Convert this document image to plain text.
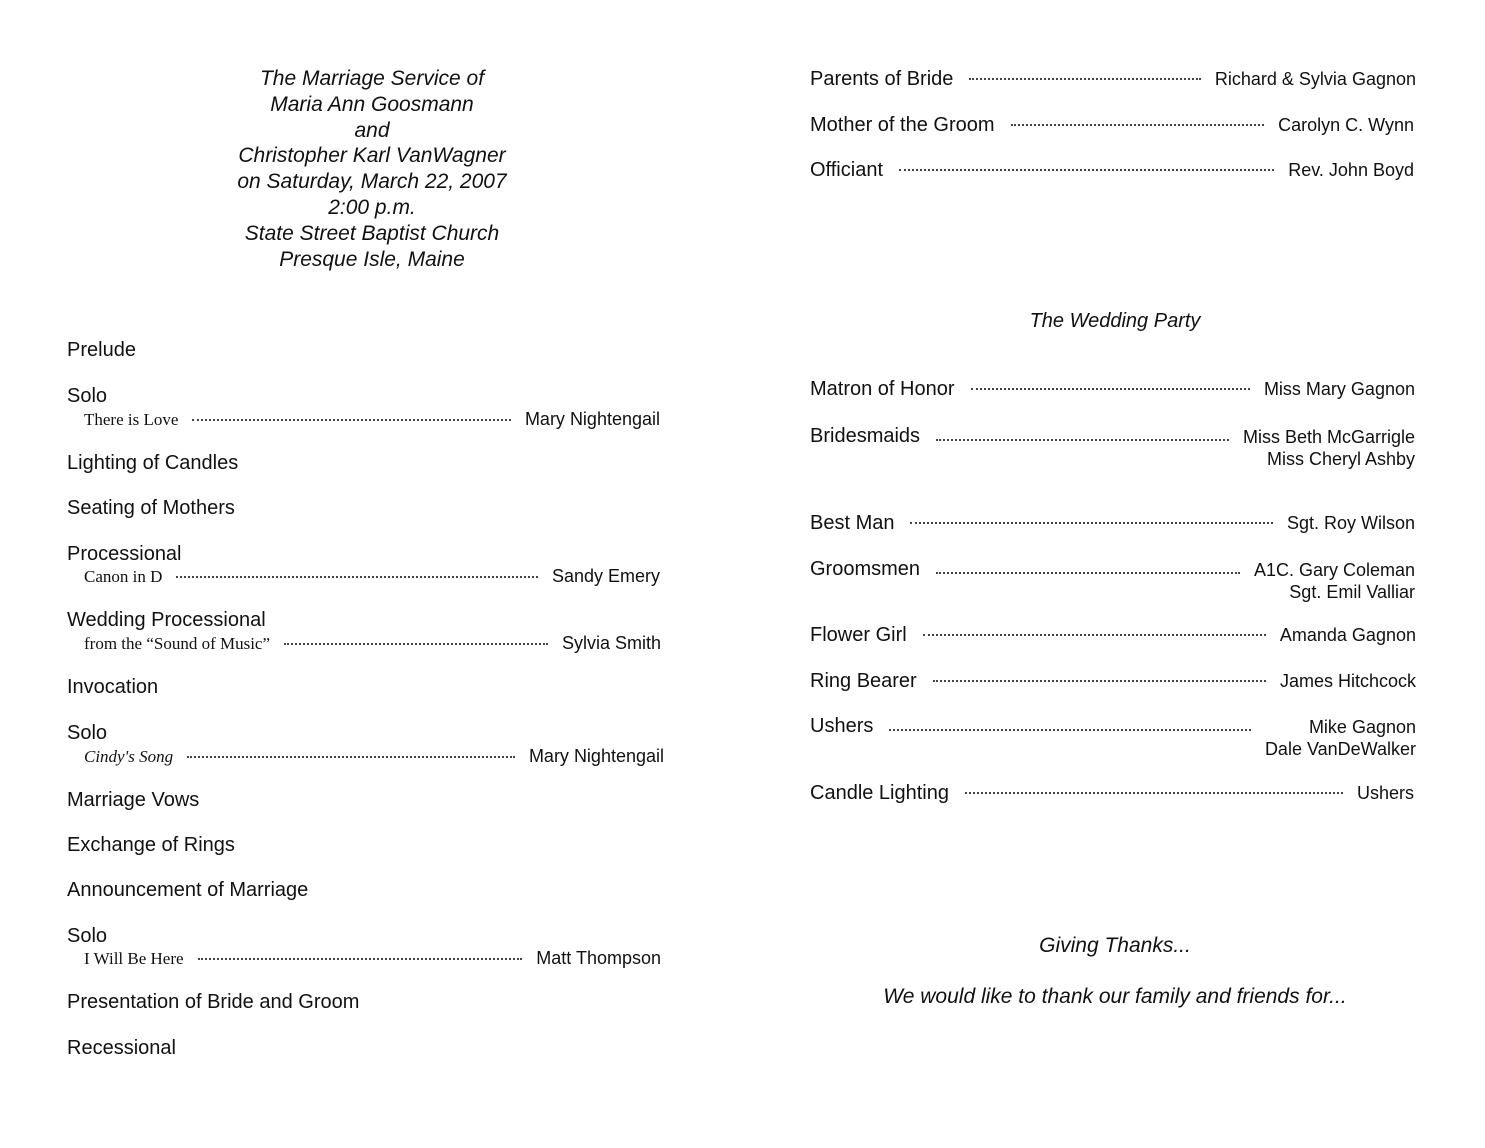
The Marriage Service of
Maria Ann Goosmann
and
Christopher Karl VanWagner
on Saturday, March 22, 2007
2:00 p.m.
State Street Baptist Church
Presque Isle, Maine
Prelude
Solo
There is Love	Mary Nightengail
Lighting of Candles
Seating of Mothers
Processional
Canon in D	Sandy Emery
Wedding Processional
from the “Sound of Music”	Sylvia Smith
Invocation
Solo
Cindy's Song	Mary Nightengail
Marriage Vows
Exchange of Rings
Announcement of Marriage
Solo
I Will Be Here	Matt Thompson
Presentation of Bride and Groom
Recessional
Parents of Bride	Richard & Sylvia Gagnon
Mother of the Groom	Carolyn C. Wynn
Officiant	Rev. John Boyd
The Wedding Party
Matron of Honor	Miss Mary Gagnon
Bridesmaids	Miss Beth McGarrigle
Miss Cheryl Ashby
Best Man	Sgt. Roy Wilson
Groomsmen	A1C. Gary Coleman
Sgt. Emil Valliar
Flower Girl	Amanda Gagnon
Ring Bearer	James Hitchcock
Ushers	Mike Gagnon
Dale VanDeWalker
Candle Lighting	Ushers
Giving Thanks...
We would like to thank our family and friends for...
